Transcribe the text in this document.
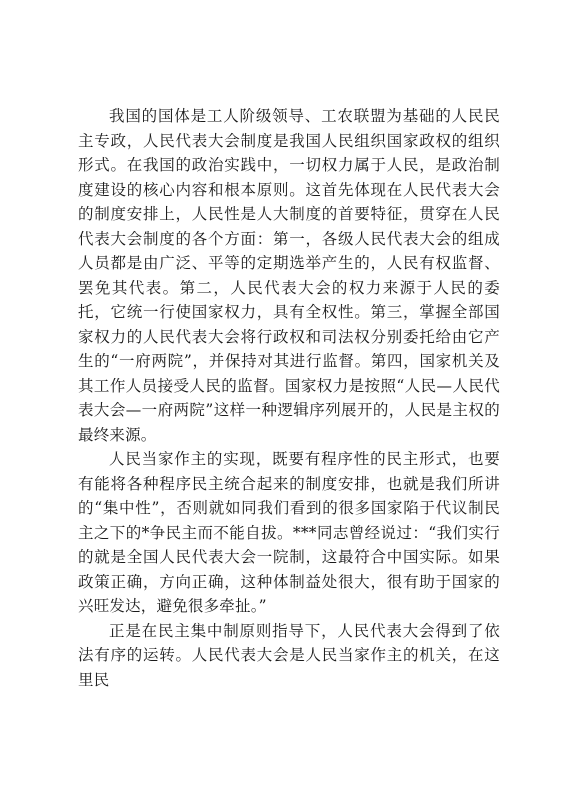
我国的国体是工人阶级领导、工农联盟为基础的人民民主专政，人民代表大会制度是我国人民组织国家政权的组织形式。在我国的政治实践中，一切权力属于人民，是政治制度建设的核心内容和根本原则。这首先体现在人民代表大会的制度安排上，人民性是人大制度的首要特征，贯穿在人民代表大会制度的各个方面：第一，各级人民代表大会的组成人员都是由广泛、平等的定期选举产生的，人民有权监督、罢免其代表。第二，人民代表大会的权力来源于人民的委托，它统一行使国家权力，具有全权性。第三，掌握全部国家权力的人民代表大会将行政权和司法权分别委托给由它产生的“一府两院”，并保持对其进行监督。第四，国家机关及其工作人员接受人民的监督。国家权力是按照“人民—人民代表大会—一府两院”这样一种逻辑序列展开的，人民是主权的最终来源。

人民当家作主的实现，既要有程序性的民主形式，也要有能将各种程序民主统合起来的制度安排，也就是我们所讲的“集中性”，否则就如同我们看到的很多国家陷于代议制民主之下的*争民主而不能自拔。***同志曾经说过：“我们实行的就是全国人民代表大会一院制，这最符合中国实际。如果政策正确，方向正确，这种体制益处很大，很有助于国家的兴旺发达，避免很多牵扯。”

正是在民主集中制原则指导下，人民代表大会得到了依法有序的运转。人民代表大会是人民当家作主的机关，在这里民
